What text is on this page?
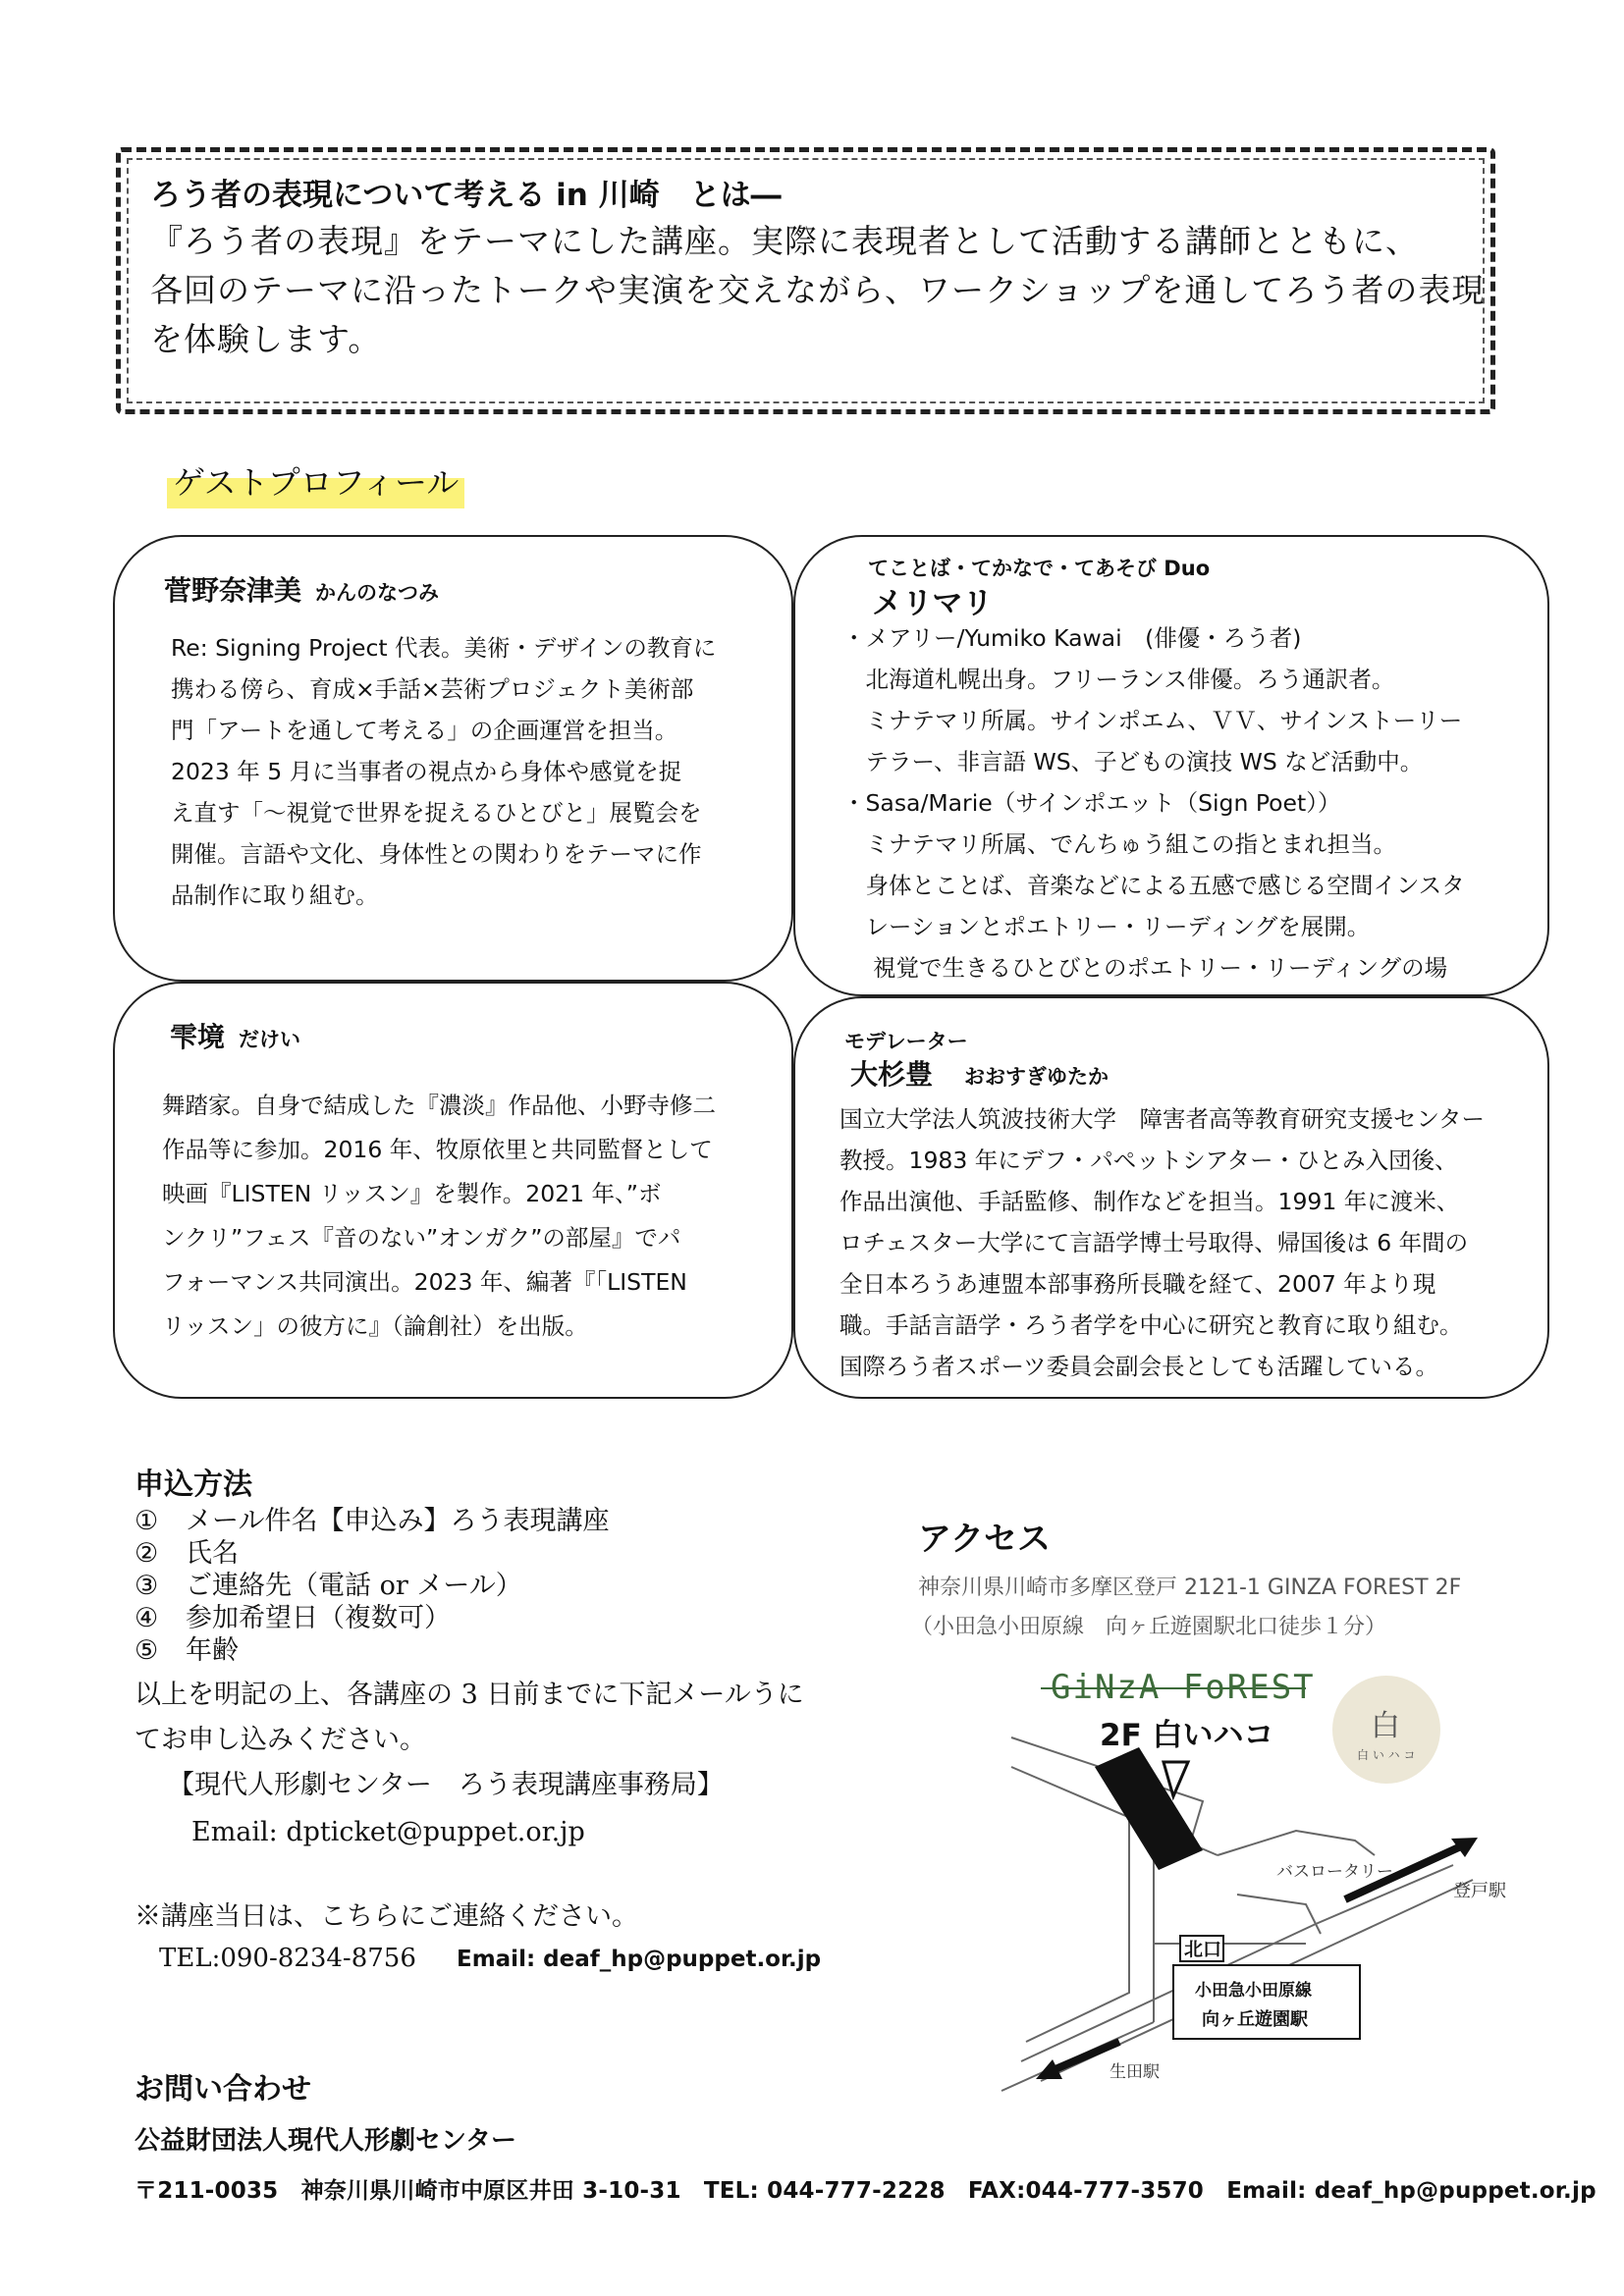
ろう者の表現について考える in 川崎　とは―
『ろう者の表現』をテーマにした講座。実際に表現者として活動する講師とともに、
各回のテーマに沿ったトークや実演を交えながら、ワークショップを通してろう者の表現
を体験します。
ゲストプロフィール
菅野奈津美 かんのなつみ
Re: Signing Project 代表。美術・デザインの教育に
携わる傍ら、育成×手話×芸術プロジェクト美術部
門「アートを通して考える」の企画運営を担当。
2023 年 5 月に当事者の視点から身体や感覚を捉
え直す「～視覚で世界を捉えるひとびと」展覧会を
開催。言語や文化、身体性との関わりをテーマに作
品制作に取り組む。
てことば・てかなで・てあそび Duo
メリマリ
・メアリー/Yumiko Kawai　(俳優・ろう者)
　北海道札幌出身。フリーランス俳優。ろう通訳者。
　ミナテマリ所属。サインポエム、ＶＶ、サインストーリー
　テラー、非言語 WS、子どもの演技 WS など活動中。
・Sasa/Marie（サインポエット（Sign Poet））
　ミナテマリ所属、でんちゅう組この指とまれ担当。
　身体とことば、音楽などによる五感で感じる空間インスタ
　レーションとポエトリー・リーディングを展開。
　 視覚で生きるひとびとのポエトリー・リーディングの場
雫境 だけい
舞踏家。自身で結成した『濃淡』作品他、小野寺修二
作品等に参加。2016 年、牧原依里と共同監督として
映画『LISTEN リッスン』を製作。2021 年、”ボ
ンクリ”フェス『音のない”オンガク”の部屋』でパ
フォーマンス共同演出。2023 年、編著『「LISTEN
リッスン」の彼方に』（論創社）を出版。
モデレーター
大杉豊 おおすぎゆたか
国立大学法人筑波技術大学　障害者高等教育研究支援センター
教授。1983 年にデフ・パペットシアター・ひとみ入団後、
作品出演他、手話監修、制作などを担当。1991 年に渡米、
ロチェスター大学にて言語学博士号取得、帰国後は 6 年間の
全日本ろうあ連盟本部事務所長職を経て、2007 年より現
職。手話言語学・ろう者学を中心に研究と教育に取り組む。
国際ろう者スポーツ委員会副会長としても活躍している。
申込方法
① メール件名【申込み】ろう表現講座
② 氏名
③ ご連絡先（電話 or メール）
④ 参加希望日（複数可）
⑤ 年齢
以上を明記の上、各講座の 3 日前までに下記メールうに
てお申し込みください。
【現代人形劇センター　ろう表現講座事務局】
Email: dpticket@puppet.or.jp
※講座当日は、こちらにご連絡ください。
TEL:090-8234-8756 Email: deaf_hp@puppet.or.jp
アクセス
神奈川県川崎市多摩区登戸 2121-1 GINZA FOREST 2F
（小田急小田原線　向ヶ丘遊園駅北口徒歩１分）
GiNzA FoREST
2F 白いハコ	白
白 い ハ コ
バスロータリー
登戸駅
北口
小田急小田原線
向ヶ丘遊園駅
生田駅
お問い合わせ
公益財団法人現代人形劇センター
〒211-0035　神奈川県川崎市中原区井田 3-10-31　TEL: 044-777-2228　FAX:044-777-3570　Email: deaf_hp@puppet.or.jp
